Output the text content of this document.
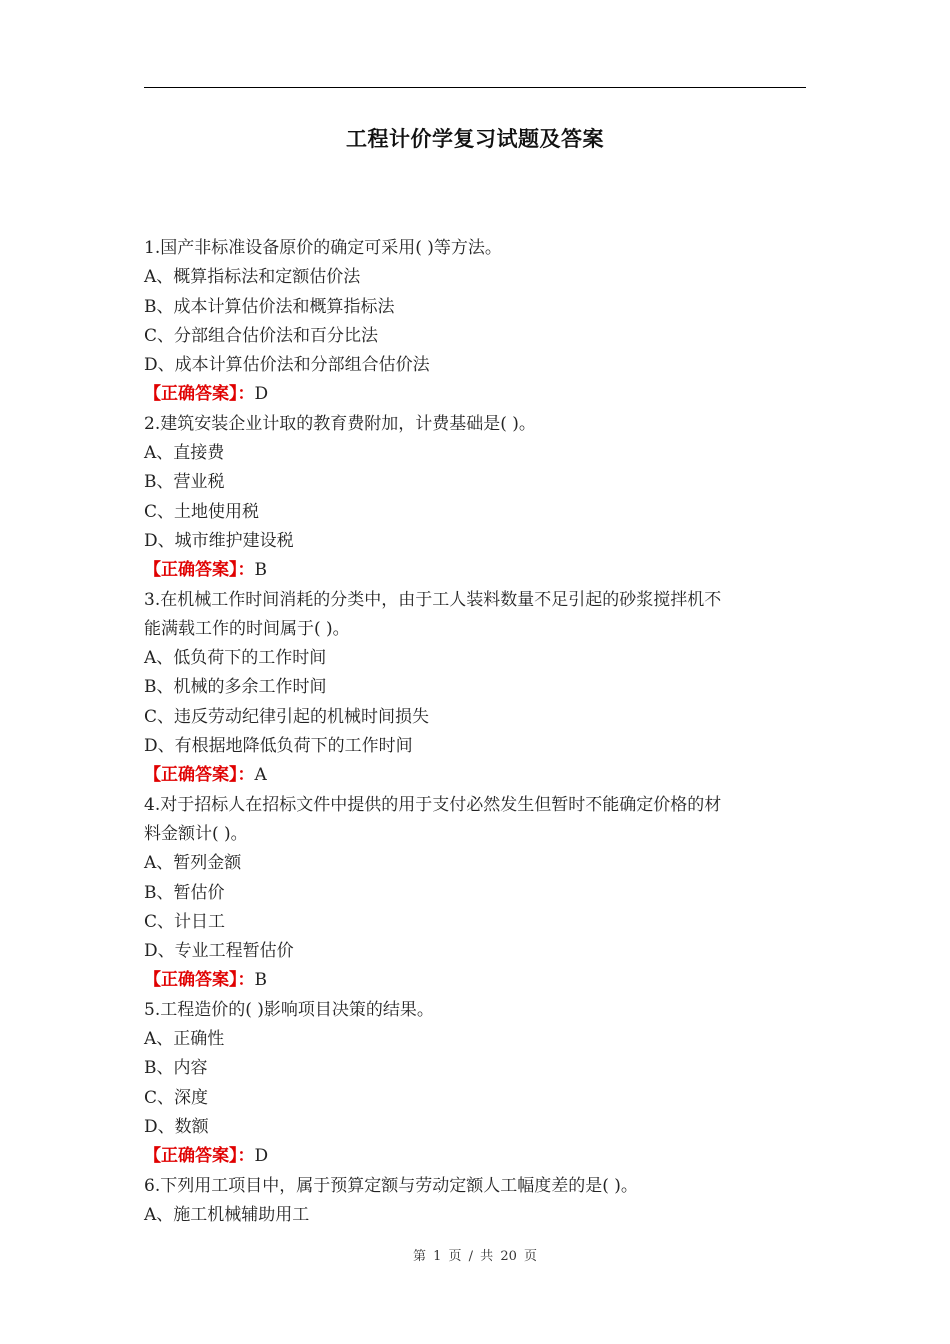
工程计价学复习试题及答案
1.国产非标准设备原价的确定可采用( )等方法。
A、概算指标法和定额估价法
B、成本计算估价法和概算指标法
C、分部组合估价法和百分比法
D、成本计算估价法和分部组合估价法
【正确答案】：D
2.建筑安装企业计取的教育费附加，计费基础是( )。
A、直接费
B、营业税
C、土地使用税
D、城市维护建设税
【正确答案】：B
3.在机械工作时间消耗的分类中，由于工人装料数量不足引起的砂浆搅拌机不
能满载工作的时间属于( )。
A、低负荷下的工作时间
B、机械的多余工作时间
C、违反劳动纪律引起的机械时间损失
D、有根据地降低负荷下的工作时间
【正确答案】：A
4.对于招标人在招标文件中提供的用于支付必然发生但暂时不能确定价格的材
料金额计( )。
A、暂列金额
B、暂估价
C、计日工
D、专业工程暂估价
【正确答案】：B
5.工程造价的( )影响项目决策的结果。
A、正确性
B、内容
C、深度
D、数额
【正确答案】：D
6.下列用工项目中，属于预算定额与劳动定额人工幅度差的是( )。
A、施工机械辅助用工
第 1 页 / 共 20 页
